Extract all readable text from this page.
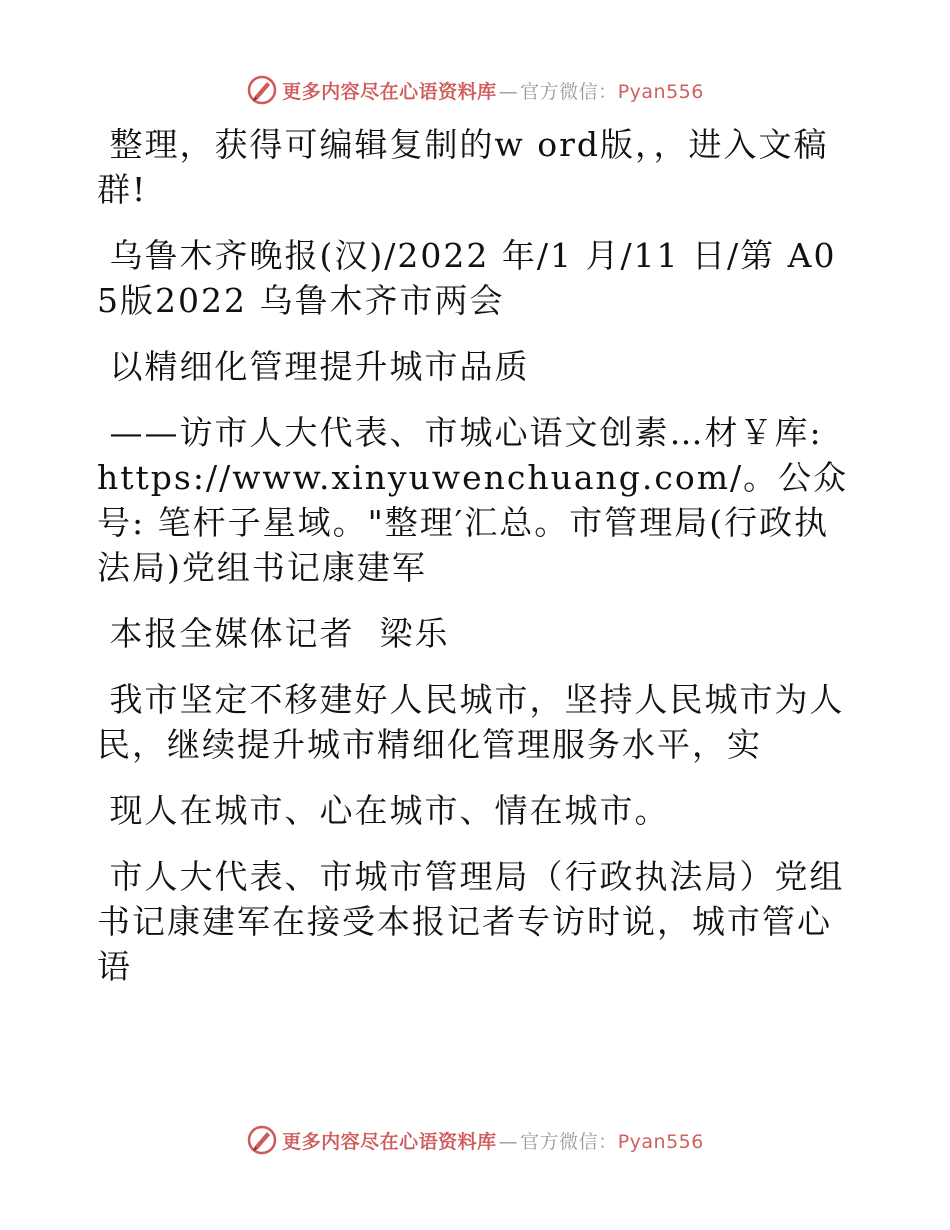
更多内容尽在心语资料库 — 官方微信：Pyan556

整理，获得可编辑复制的w ord版，，进入文稿群!

乌鲁木齐晚报(汉)/2022 年/1 月/11 日/第 A05版2022 乌鲁木齐市两会

以精细化管理提升城市品质

——访市人大代表、市城心语文创素…材￥库: https://www.xinyuwenchuang.com/。公众号: 笔杆子星域。"整理′汇总。市管理局(行政执法局)党组书记康建军

本报全媒体记者  梁乐

我市坚定不移建好人民城市，坚持人民城市为人民，继续提升城市精细化管理服务水平，实

现人在城市、心在城市、情在城市。

市人大代表、市城市管理局（行政执法局）党组书记康建军在接受本报记者专访时说，城市管心语

更多内容尽在心语资料库 — 官方微信：Pyan556
